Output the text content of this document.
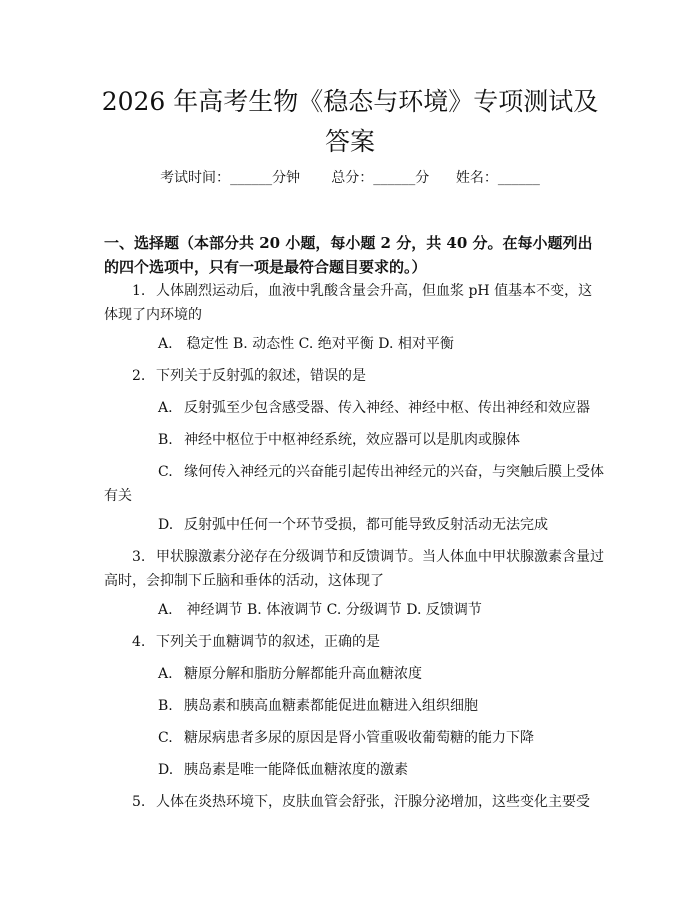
2026 年高考生物《稳态与环境》专项测试及答案
考试时间：______分钟 总分：______分 姓名：______

一、选择题（本部分共 20 小题，每小题 2 分，共 40 分。在每小题列出的四个选项中，只有一项是最符合题目要求的。）

1. 人体剧烈运动后，血液中乳酸含量会升高，但血浆 pH 值基本不变，这体现了内环境的

A.　稳定性 B. 动态性 C. 绝对平衡 D. 相对平衡

2. 下列关于反射弧的叙述，错误的是

A. 反射弧至少包含感受器、传入神经、神经中枢、传出神经和效应器

B. 神经中枢位于中枢神经系统，效应器可以是肌肉或腺体

C. 缘何传入神经元的兴奋能引起传出神经元的兴奋，与突触后膜上受体有关

D. 反射弧中任何一个环节受损，都可能导致反射活动无法完成

3. 甲状腺激素分泌存在分级调节和反馈调节。当人体血中甲状腺激素含量过高时，会抑制下丘脑和垂体的活动，这体现了

A.　神经调节 B. 体液调节 C. 分级调节 D. 反馈调节

4. 下列关于血糖调节的叙述，正确的是

A. 糖原分解和脂肪分解都能升高血糖浓度

B. 胰岛素和胰高血糖素都能促进血糖进入组织细胞

C. 糖尿病患者多尿的原因是肾小管重吸收葡萄糖的能力下降

D. 胰岛素是唯一能降低血糖浓度的激素

5. 人体在炎热环境下，皮肤血管会舒张，汗腺分泌增加，这些变化主要受
